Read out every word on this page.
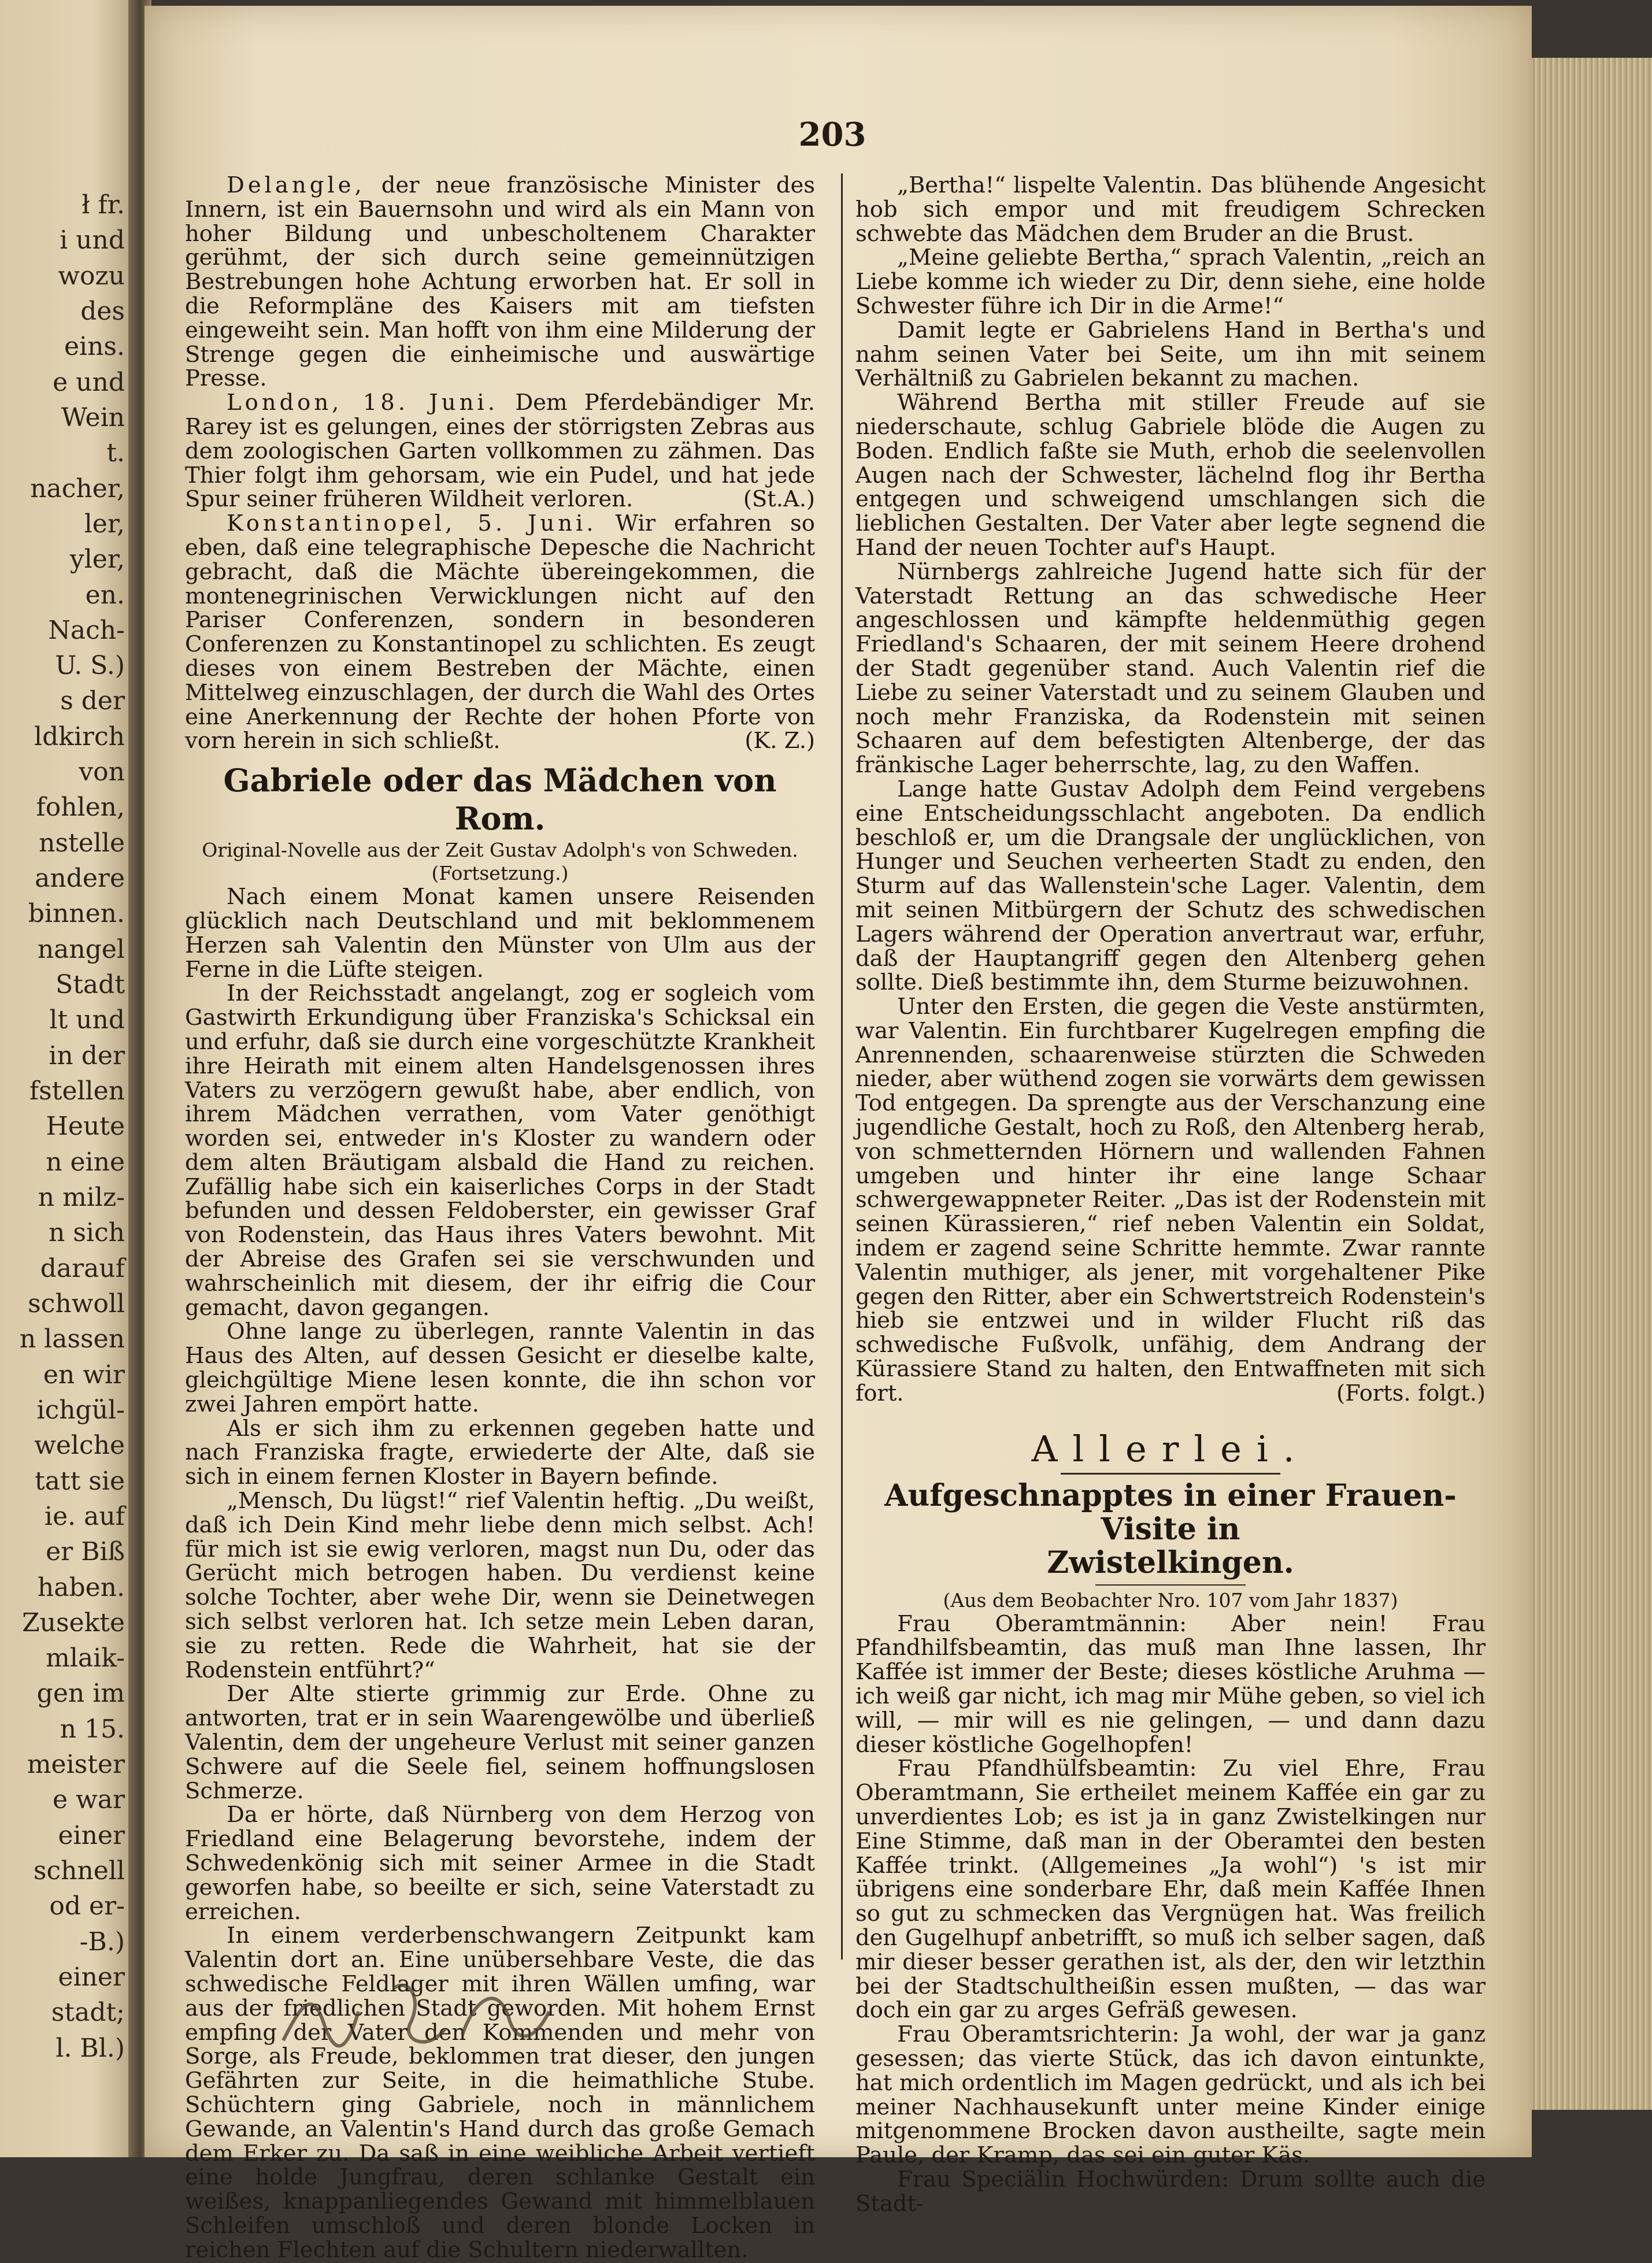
ł fr.
i und
wozu
des
eins.
e und
Wein
t.
nacher,
ler,
yler,
en.
Nach-
U. S.)
s der
ldkirch
von
fohlen,
nstelle
andere
binnen.
nangel
Stadt
lt und
in der
fstellen
Heute
n eine
n milz-
n sich
darauf
schwoll
n lassen
en wir
ichgül-
welche
tatt sie
ie. auf
er Biß
haben.
Zusekte
mlaik-
gen im
n 15.
meister
e war
einer
schnell
od er-
-B.)
einer
stadt;
l. Bl.)
203

Delangle, der neue französische Minister des Innern, ist ein Bauernsohn und wird als ein Mann von hoher Bildung und unbescholtenem Charakter gerühmt, der sich durch seine gemeinnützigen Bestrebungen hohe Achtung erworben hat. Er soll in die Reformpläne des Kaisers mit am tiefsten eingeweiht sein. Man hofft von ihm eine Milderung der Strenge gegen die einheimische und auswärtige Presse.

London, 18. Juni. Dem Pferdebändiger Mr. Rarey ist es gelungen, eines der störrigsten Zebras aus dem zoologischen Garten vollkommen zu zähmen. Das Thier folgt ihm gehorsam, wie ein Pudel, und hat jede Spur seiner früheren Wildheit verloren.	(St.A.)

Konstantinopel, 5. Juni. Wir erfahren so eben, daß eine telegraphische Depesche die Nachricht gebracht, daß die Mächte übereingekommen, die montenegrinischen Verwicklungen nicht auf den Pariser Conferenzen, sondern in besonderen Conferenzen zu Konstantinopel zu schlichten. Es zeugt dieses von einem Bestreben der Mächte, einen Mittelweg einzuschlagen, der durch die Wahl des Ortes eine Anerkennung der Rechte der hohen Pforte von vorn herein in sich schließt.	(K. Z.)

Gabriele oder das Mädchen von Rom.
Original-Novelle aus der Zeit Gustav Adolph's von Schweden.
(Fortsetzung.)

Nach einem Monat kamen unsere Reisenden glücklich nach Deutschland und mit beklommenem Herzen sah Valentin den Münster von Ulm aus der Ferne in die Lüfte steigen.

In der Reichsstadt angelangt, zog er sogleich vom Gastwirth Erkundigung über Franziska's Schicksal ein und erfuhr, daß sie durch eine vorgeschützte Krankheit ihre Heirath mit einem alten Handelsgenossen ihres Vaters zu verzögern gewußt habe, aber endlich, von ihrem Mädchen verrathen, vom Vater genöthigt worden sei, entweder in's Kloster zu wandern oder dem alten Bräutigam alsbald die Hand zu reichen. Zufällig habe sich ein kaiserliches Corps in der Stadt befunden und dessen Feldoberster, ein gewisser Graf von Rodenstein, das Haus ihres Vaters bewohnt. Mit der Abreise des Grafen sei sie verschwunden und wahrscheinlich mit diesem, der ihr eifrig die Cour gemacht, davon gegangen.

Ohne lange zu überlegen, rannte Valentin in das Haus des Alten, auf dessen Gesicht er dieselbe kalte, gleichgültige Miene lesen konnte, die ihn schon vor zwei Jahren empört hatte.

Als er sich ihm zu erkennen gegeben hatte und nach Franziska fragte, erwiederte der Alte, daß sie sich in einem fernen Kloster in Bayern befinde.

„Mensch, Du lügst!“ rief Valentin heftig. „Du weißt, daß ich Dein Kind mehr liebe denn mich selbst. Ach! für mich ist sie ewig verloren, magst nun Du, oder das Gerücht mich betrogen haben. Du verdienst keine solche Tochter, aber wehe Dir, wenn sie Deinetwegen sich selbst verloren hat. Ich setze mein Leben daran, sie zu retten. Rede die Wahrheit, hat sie der Rodenstein entführt?“

Der Alte stierte grimmig zur Erde. Ohne zu antworten, trat er in sein Waarengewölbe und überließ Valentin, dem der ungeheure Verlust mit seiner ganzen Schwere auf die Seele fiel, seinem hoffnungslosen Schmerze.

Da er hörte, daß Nürnberg von dem Herzog von Friedland eine Belagerung bevorstehe, indem der Schwedenkönig sich mit seiner Armee in die Stadt geworfen habe, so beeilte er sich, seine Vaterstadt zu erreichen.

In einem verderbenschwangern Zeitpunkt kam Valentin dort an. Eine unübersehbare Veste, die das schwedische Feldlager mit ihren Wällen umfing, war aus der friedlichen Stadt geworden. Mit hohem Ernst empfing der Vater den Kommenden und mehr von Sorge, als Freude, beklommen trat dieser, den jungen Gefährten zur Seite, in die heimathliche Stube. Schüchtern ging Gabriele, noch in männlichem Gewande, an Valentin's Hand durch das große Gemach dem Erker zu. Da saß in eine weibliche Arbeit vertieft eine holde Jungfrau, deren schlanke Gestalt ein weißes, knappanliegendes Gewand mit himmelblauen Schleifen umschloß und deren blonde Locken in reichen Flechten auf die Schultern niederwallten.

„Bertha!“ lispelte Valentin. Das blühende Angesicht hob sich empor und mit freudigem Schrecken schwebte das Mädchen dem Bruder an die Brust.

„Meine geliebte Bertha,“ sprach Valentin, „reich an Liebe komme ich wieder zu Dir, denn siehe, eine holde Schwester führe ich Dir in die Arme!“

Damit legte er Gabrielens Hand in Bertha's und nahm seinen Vater bei Seite, um ihn mit seinem Verhältniß zu Gabrielen bekannt zu machen.

Während Bertha mit stiller Freude auf sie niederschaute, schlug Gabriele blöde die Augen zu Boden. Endlich faßte sie Muth, erhob die seelenvollen Augen nach der Schwester, lächelnd flog ihr Bertha entgegen und schweigend umschlangen sich die lieblichen Gestalten. Der Vater aber legte segnend die Hand der neuen Tochter auf's Haupt.

Nürnbergs zahlreiche Jugend hatte sich für der Vaterstadt Rettung an das schwedische Heer angeschlossen und kämpfte heldenmüthig gegen Friedland's Schaaren, der mit seinem Heere drohend der Stadt gegenüber stand. Auch Valentin rief die Liebe zu seiner Vaterstadt und zu seinem Glauben und noch mehr Franziska, da Rodenstein mit seinen Schaaren auf dem befestigten Altenberge, der das fränkische Lager beherrschte, lag, zu den Waffen.

Lange hatte Gustav Adolph dem Feind vergebens eine Entscheidungsschlacht angeboten. Da endlich beschloß er, um die Drangsale der unglücklichen, von Hunger und Seuchen verheerten Stadt zu enden, den Sturm auf das Wallenstein'sche Lager. Valentin, dem mit seinen Mitbürgern der Schutz des schwedischen Lagers während der Operation anvertraut war, erfuhr, daß der Hauptangriff gegen den Altenberg gehen sollte. Dieß bestimmte ihn, dem Sturme beizuwohnen.

Unter den Ersten, die gegen die Veste anstürmten, war Valentin. Ein furchtbarer Kugelregen empfing die Anrennenden, schaarenweise stürzten die Schweden nieder, aber wüthend zogen sie vorwärts dem gewissen Tod entgegen. Da sprengte aus der Verschanzung eine jugendliche Gestalt, hoch zu Roß, den Altenberg herab, von schmetternden Hörnern und wallenden Fahnen umgeben und hinter ihr eine lange Schaar schwergewappneter Reiter. „Das ist der Rodenstein mit seinen Kürassieren,“ rief neben Valentin ein Soldat, indem er zagend seine Schritte hemmte. Zwar rannte Valentin muthiger, als jener, mit vorgehaltener Pike gegen den Ritter, aber ein Schwertstreich Rodenstein's hieb sie entzwei und in wilder Flucht riß das schwedische Fußvolk, unfähig, dem Andrang der Kürassiere Stand zu halten, den Entwaffneten mit sich fort.	(Forts. folgt.)

Allerlei.
Aufgeschnapptes in einer Frauen-Visite in
Zwistelkingen.
(Aus dem Beobachter Nro. 107 vom Jahr 1837)

Frau Oberamtmännin: Aber nein! Frau Pfandhilfsbeamtin, das muß man Ihne lassen, Ihr Kaffée ist immer der Beste; dieses köstliche Aruhma — ich weiß gar nicht, ich mag mir Mühe geben, so viel ich will, — mir will es nie gelingen, — und dann dazu dieser köstliche Gogelhopfen!

Frau Pfandhülfsbeamtin: Zu viel Ehre, Frau Oberamtmann, Sie ertheilet meinem Kaffée ein gar zu unverdientes Lob; es ist ja in ganz Zwistelkingen nur Eine Stimme, daß man in der Oberamtei den besten Kaffée trinkt. (Allgemeines „Ja wohl“) 's ist mir übrigens eine sonderbare Ehr, daß mein Kaffée Ihnen so gut zu schmecken das Vergnügen hat. Was freilich den Gugelhupf anbetrifft, so muß ich selber sagen, daß mir dieser besser gerathen ist, als der, den wir letzthin bei der Stadtschultheißin essen mußten, — das war doch ein gar zu arges Gefräß gewesen.

Frau Oberamtsrichterin: Ja wohl, der war ja ganz gesessen; das vierte Stück, das ich davon eintunkte, hat mich ordentlich im Magen gedrückt, und als ich bei meiner Nachhausekunft unter meine Kinder einige mitgenommene Brocken davon austheilte, sagte mein Paule, der Kramp, das sei ein guter Käs.

Frau Speciälin Hochwürden: Drum sollte auch die Stadt-
